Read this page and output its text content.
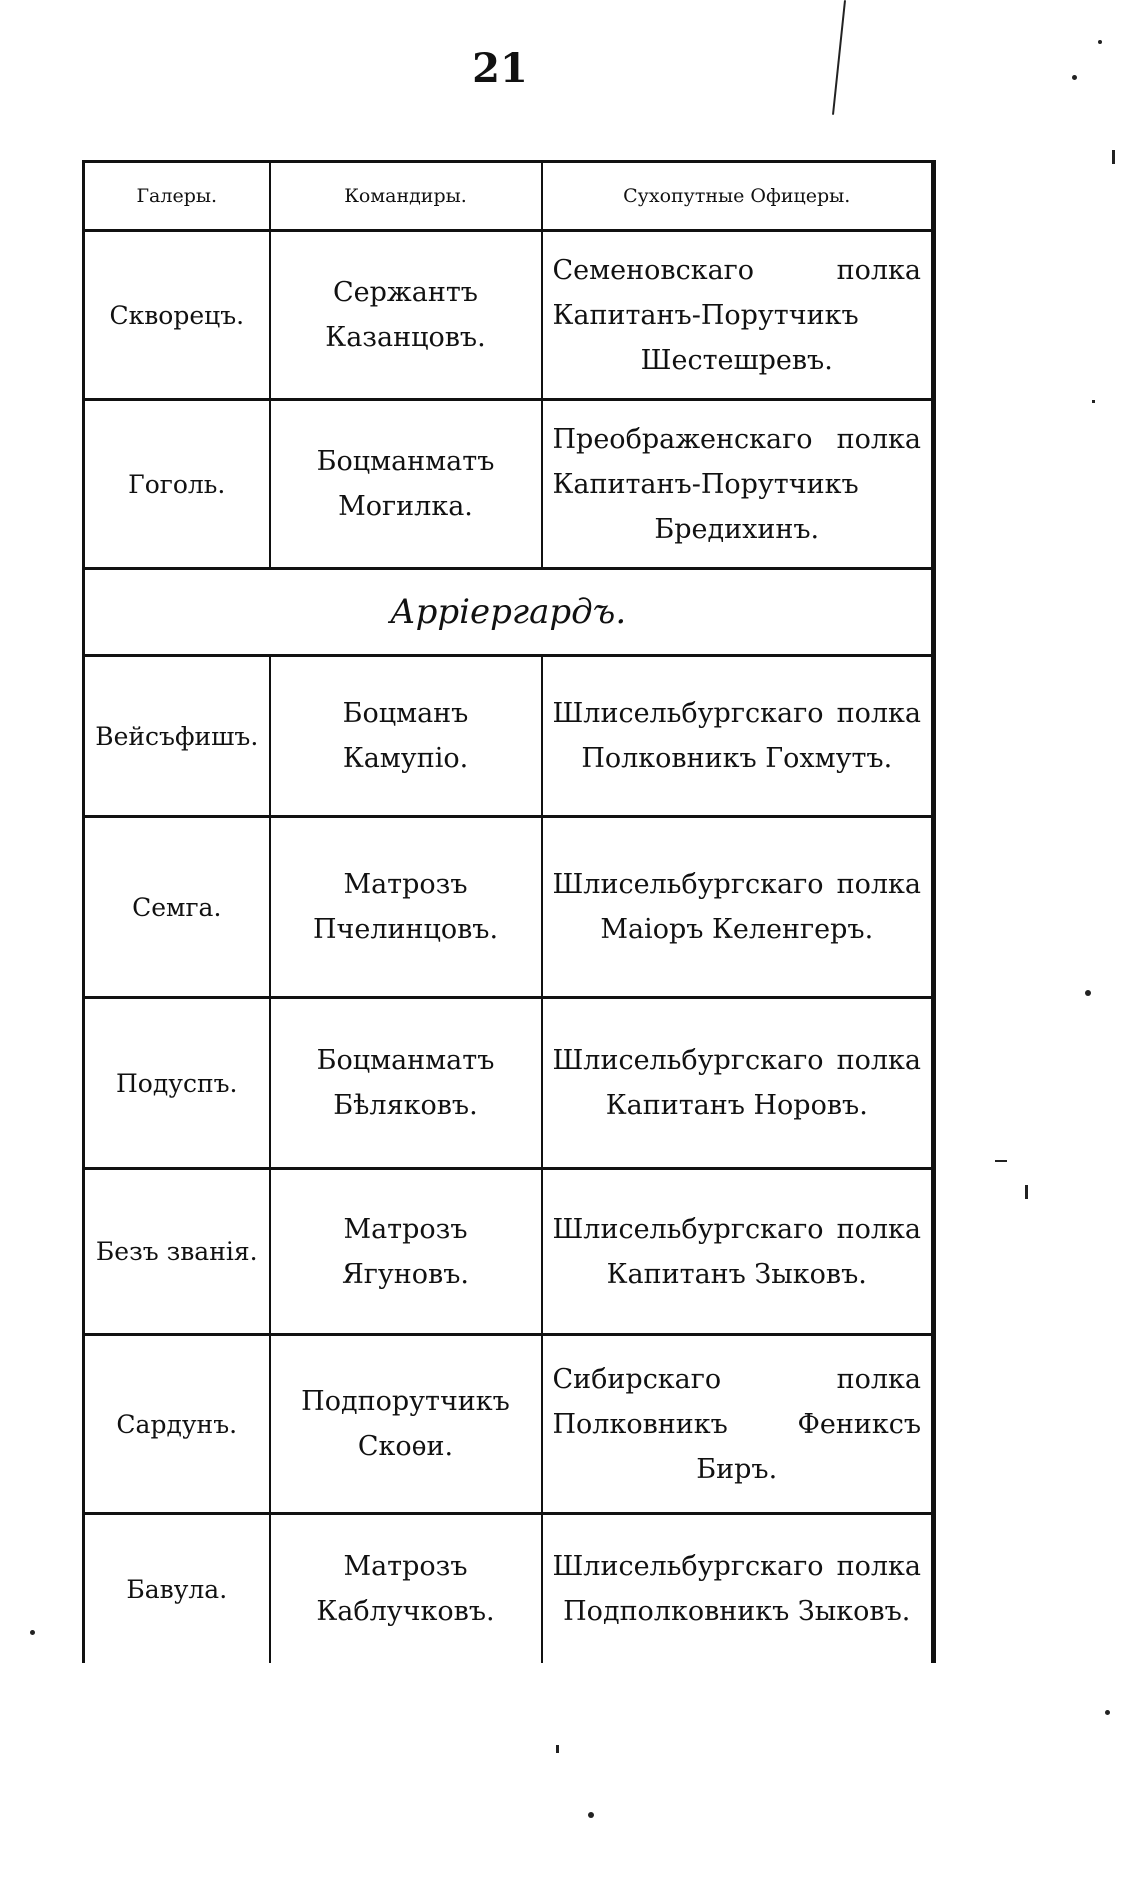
21
Галеры.	Командиры.	Сухопутные Офицеры.
Скворецъ.	Сержантъ Казанцовъ.	Семеновскаго полка Капитанъ-Порутчикъ Шестешревъ.
Гоголь.	Боцманматъ Могилка.	Преображенскаго полка Капитанъ-Порутчикъ Бредихинъ.
Арріергардъ.		
Вейсъфишъ.	Боцманъ Камупіо.	Шлисельбургскаго полка Полковникъ Гохмутъ.
Семга.	Матрозъ Пчелинцовъ.	Шлисельбургскаго полка Маіоръ Келенгеръ.
Подуспъ.	Боцманматъ Бѣляковъ.	Шлисельбургскаго полка Капитанъ Норовъ.
Безъ званія.	Матрозъ Ягуновъ.	Шлисельбургскаго полка Капитанъ Зыковъ.
Сардунъ.	Подпорутчикъ Скоѳи.	Сибирскаго полка Полковникъ Фениксъ Биръ.
Бавула.	Матрозъ Каблучковъ.	Шлисельбургскаго полка Подполковникъ Зыковъ.
